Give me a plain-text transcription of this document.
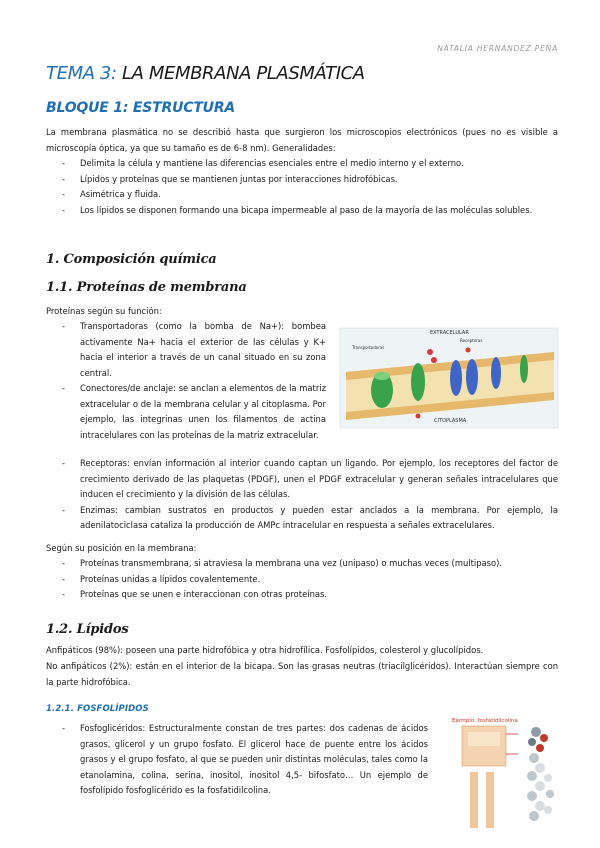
NATALIA HERNÁNDEZ PEÑA
TEMA 3: LA MEMBRANA PLASMÁTICA
BLOQUE 1: ESTRUCTURA

La membrana plasmática no se describió hasta que surgieron los microscopios electrónicos (pues no es visible a microscopía óptica, ya que su tamaño es de 6-8 nm). Generalidades:

- Delimita la célula y mantiene las diferencias esenciales entre el medio interno y el externo.
- Lípidos y proteínas que se mantienen juntas por interacciones hidrofóbicas.
- Asimétrica y fluida.
- Los lípidos se disponen formando una bicapa impermeable al paso de la mayoría de las moléculas solubles.
1. Composición química
1.1. Proteínas de membrana

Proteínas según su función:

- Transportadoras (como la bomba de Na+): bombea activamente Na+ hacia el exterior de las células y K+ hacia el interior a través de un canal situado en su zona central.
- Conectores/de anclaje: se anclan a elementos de la matriz extracelular o de la membrana celular y al citoplasma. Por ejemplo, las integrinas unen los filamentos de actina intracelulares con las proteínas de la matriz extracelular.
- Receptoras: envían información al interior cuando captan un ligando. Por ejemplo, los receptores del factor de crecimiento derivado de las plaquetas (PDGF), unen el PDGF extracelular y generan señales intracelulares que inducen el crecimiento y la división de las células.
- Enzimas: cambian sustratos en productos y pueden estar anclados a la membrana. Por ejemplo, la adenilatociclasa cataliza la producción de AMPc intracelular en respuesta a señales extracelulares.
EXTRACELULAR
CITOPLASMA
Transportadoras
Receptoras

Según su posición en la membrana:

- Proteínas transmembrana, si atraviesa la membrana una vez (unipaso) o muchas veces (multipaso).
- Proteínas unidas a lípidos covalentemente.
- Proteínas que se unen e interaccionan con otras proteínas.
1.2. Lípidos

Anfipáticos (98%): poseen una parte hidrofóbica y otra hidrofílica. Fosfolípidos, colesterol y glucolípidos.

No anfipáticos (2%): están en el interior de la bicapa. Son las grasas neutras (triacilglicéridos). Interactúan siempre con la parte hidrofóbica.

1.2.1. FOSFOLÍPIDOS
- Fosfoglicéridos: Estructuralmente constan de tres partes: dos cadenas de ácidos grasos, glicerol y un grupo fosfato. El glicerol hace de puente entre los ácidos grasos y el grupo fosfato, al que se pueden unir distintas moléculas, tales como la etanolamina, colina, serina, inositol, inositol 4,5- bifosfato… Un ejemplo de fosfolípido fosfoglicérido es la fosfatidilcolina.
Ejemplo: fosfatidilcolina
